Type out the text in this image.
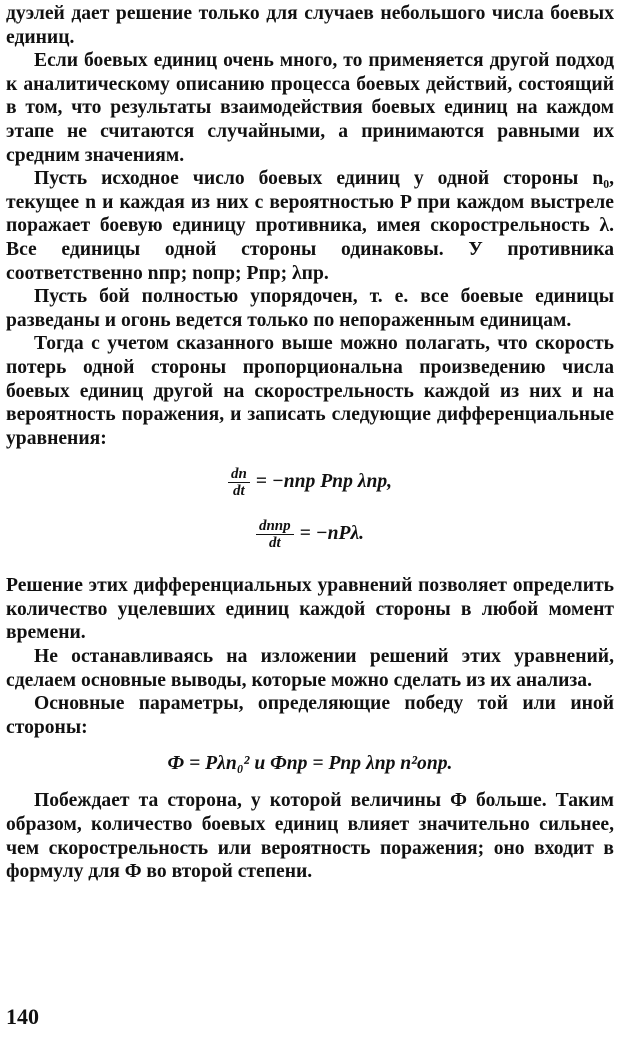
дуэлей дает решение только для случаев небольшого числа боевых единиц.

Если боевых единиц очень много, то применяется другой подход к аналитическому описанию процесса боевых действий, состоящий в том, что результаты взаимодействия боевых единиц на каждом этапе не считаются случайными, а принимаются равными их средним значениям.

Пусть исходное число боевых единиц у одной стороны n₀, текущее n и каждая из них с вероятностью P при каждом выстреле поражает боевую единицу противника, имея скорострельность λ. Все единицы одной стороны одинаковы. У противника соответственно nпр; nопр; Pпр; λпр.

Пусть бой полностью упорядочен, т. е. все боевые единицы разведаны и огонь ведется только по непораженным единицам.

Тогда с учетом сказанного выше можно полагать, что скорость потерь одной стороны пропорциональна произведению числа боевых единиц другой на скорострельность каждой из них и на вероятность поражения, и записать следующие дифференциальные уравнения:

$\frac{dn}{dt} = -nпр$ Pпр λпр,
$\frac{\text{dnпр}}{dt} = -nP\lambda$.

Решение этих дифференциальных уравнений позволяет определить количество уцелевших единиц каждой стороны в любой момент времени.

Не останавливаясь на изложении решений этих уравнений, сделаем основные выводы, которые можно сделать из их анализа.

Основные параметры, определяющие победу той или иной стороны:

Ф = Pλn₀² и Фпр = Pпр λпр n²опр.

Побеждает та сторона, у которой величины Ф больше. Таким образом, количество боевых единиц влияет значительно сильнее, чем скорострельность или вероятность поражения; оно входит в формулу для Ф во второй степени.

140
